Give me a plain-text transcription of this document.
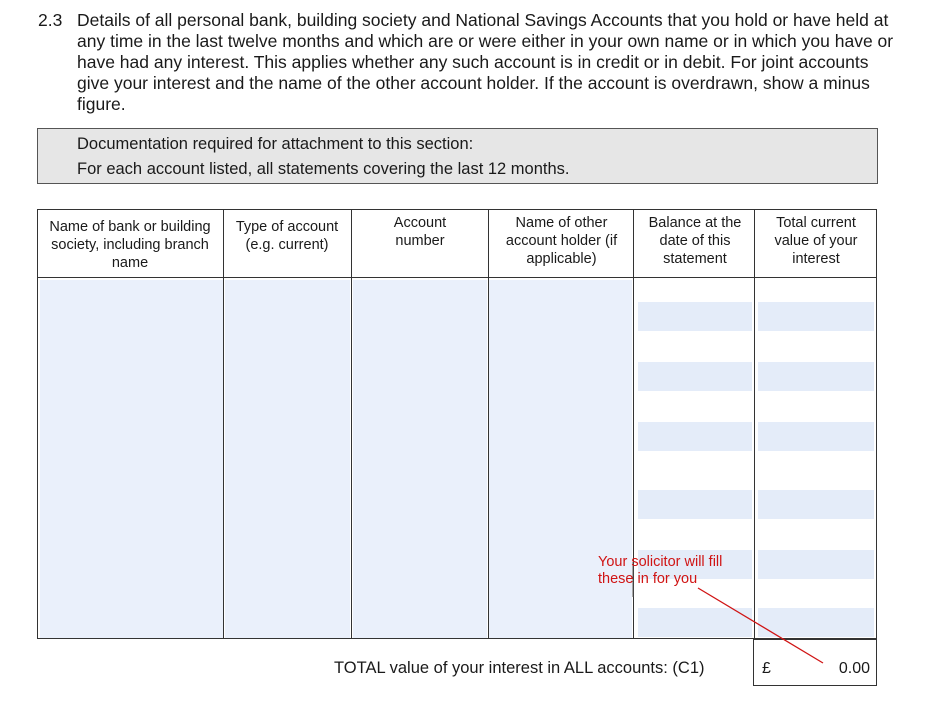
2.3 Details of all personal bank, building society and National Savings Accounts that you hold or have held at any time in the last twelve months and which are or were either in your own name or in which you have or have had any interest. This applies whether any such account is in credit or in debit. For joint accounts give your interest and the name of the other account holder. If the account is overdrawn, show a minus figure.
Documentation required for attachment to this section:
For each account listed, all statements covering the last 12 months.
Name of bank or building society, including branch name
Type of account (e.g. current)
Account number
Name of other account holder (if applicable)
Balance at the date of this statement
Total current value of your interest
TOTAL value of your interest in ALL accounts: (C1)	£	0.00
Your solicitor will fill these in for you
